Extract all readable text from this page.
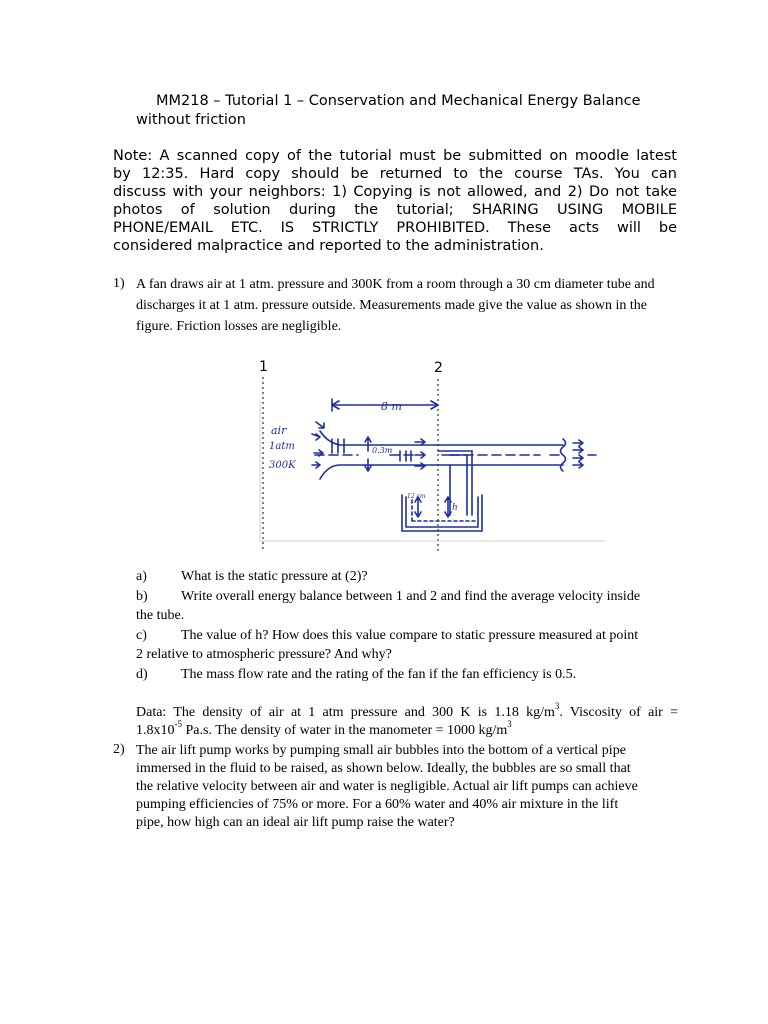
MM218 – Tutorial 1 – Conservation and Mechanical Energy Balance without friction
Note: A scanned copy of the tutorial must be submitted on moodle latest
by 12:35. Hard copy should be returned to the course TAs. You can
discuss with your neighbors: 1) Copying is not allowed, and 2) Do not take
photos of solution during the tutorial; SHARING USING MOBILE
PHONE/EMAIL ETC. IS STRICTLY PROHIBITED. These acts will be
considered malpractice and reported to the administration.
1) A fan draws air at 1 atm. pressure and 300K from a room through a 30 cm diameter tube and
discharges it at 1 atm. pressure outside. Measurements made give the value as shown in the
figure. Friction losses are negligible.
1	2
8 m
air
1atm
300K
0.3m
12 cm
h
a) What is the static pressure at (2)?
b) Write overall energy balance between 1 and 2 and find the average velocity inside
the tube.
c) The value of h? How does this value compare to static pressure measured at point
2 relative to atmospheric pressure? And why?
d) The mass flow rate and the rating of the fan if the fan efficiency is 0.5.
Data: The density of air at 1 atm pressure and 300 K is 1.18 $kg/m^3$. Viscosity of air =
$1.8x10^{-5}$ Pa.s. The density of water in the manometer = 1000 $kg/m^3$
2) The air lift pump works by pumping small air bubbles into the bottom of a vertical pipe
immersed in the fluid to be raised, as shown below. Ideally, the bubbles are so small that
the relative velocity between air and water is negligible. Actual air lift pumps can achieve
pumping efficiencies of 75% or more. For a 60% water and 40% air mixture in the lift
pipe, how high can an ideal air lift pump raise the water?
